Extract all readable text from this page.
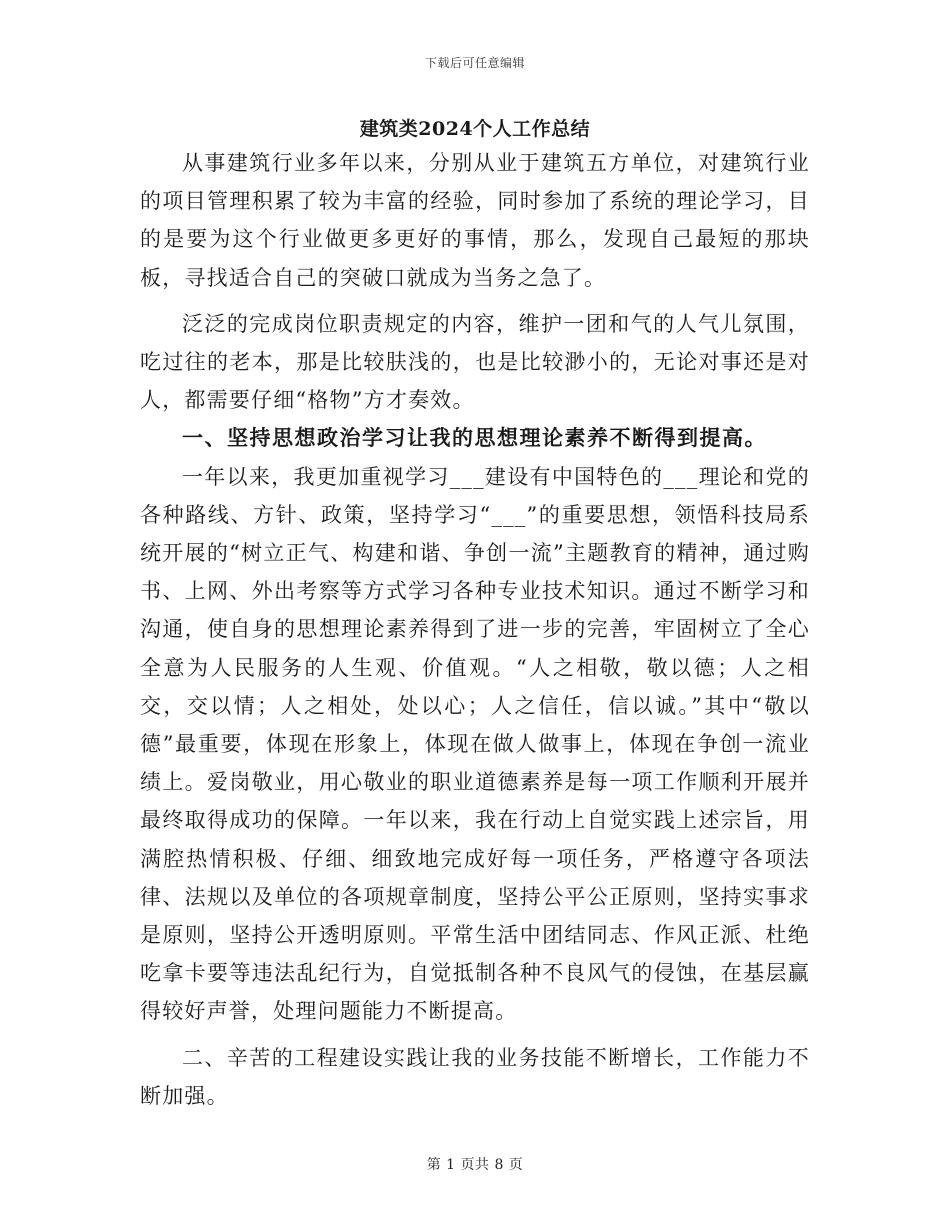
下载后可任意编辑
建筑类2024个人工作总结

从事建筑行业多年以来，分别从业于建筑五方单位，对建筑行业的项目管理积累了较为丰富的经验，同时参加了系统的理论学习，目的是要为这个行业做更多更好的事情，那么，发现自己最短的那块板，寻找适合自己的突破口就成为当务之急了。

泛泛的完成岗位职责规定的内容，维护一团和气的人气儿氛围，吃过往的老本，那是比较肤浅的，也是比较渺小的，无论对事还是对人，都需要仔细“格物”方才奏效。

一、坚持思想政治学习让我的思想理论素养不断得到提高。

一年以来，我更加重视学习___建设有中国特色的___理论和党的各种路线、方针、政策，坚持学习“___”的重要思想，领悟科技局系统开展的“树立正气、构建和谐、争创一流”主题教育的精神，通过购书、上网、外出考察等方式学习各种专业技术知识。通过不断学习和沟通，使自身的思想理论素养得到了进一步的完善，牢固树立了全心全意为人民服务的人生观、价值观。“人之相敬，敬以德；人之相交，交以情；人之相处，处以心；人之信任，信以诚。”其中“敬以德”最重要，体现在形象上，体现在做人做事上，体现在争创一流业绩上。爱岗敬业，用心敬业的职业道德素养是每一项工作顺利开展并最终取得成功的保障。一年以来，我在行动上自觉实践上述宗旨，用满腔热情积极、仔细、细致地完成好每一项任务，严格遵守各项法律、法规以及单位的各项规章制度，坚持公平公正原则，坚持实事求是原则，坚持公开透明原则。平常生活中团结同志、作风正派、杜绝吃拿卡要等违法乱纪行为，自觉抵制各种不良风气的侵蚀，在基层赢得较好声誉，处理问题能力不断提高。

二、辛苦的工程建设实践让我的业务技能不断增长，工作能力不断加强。

第 1 页共 8 页
